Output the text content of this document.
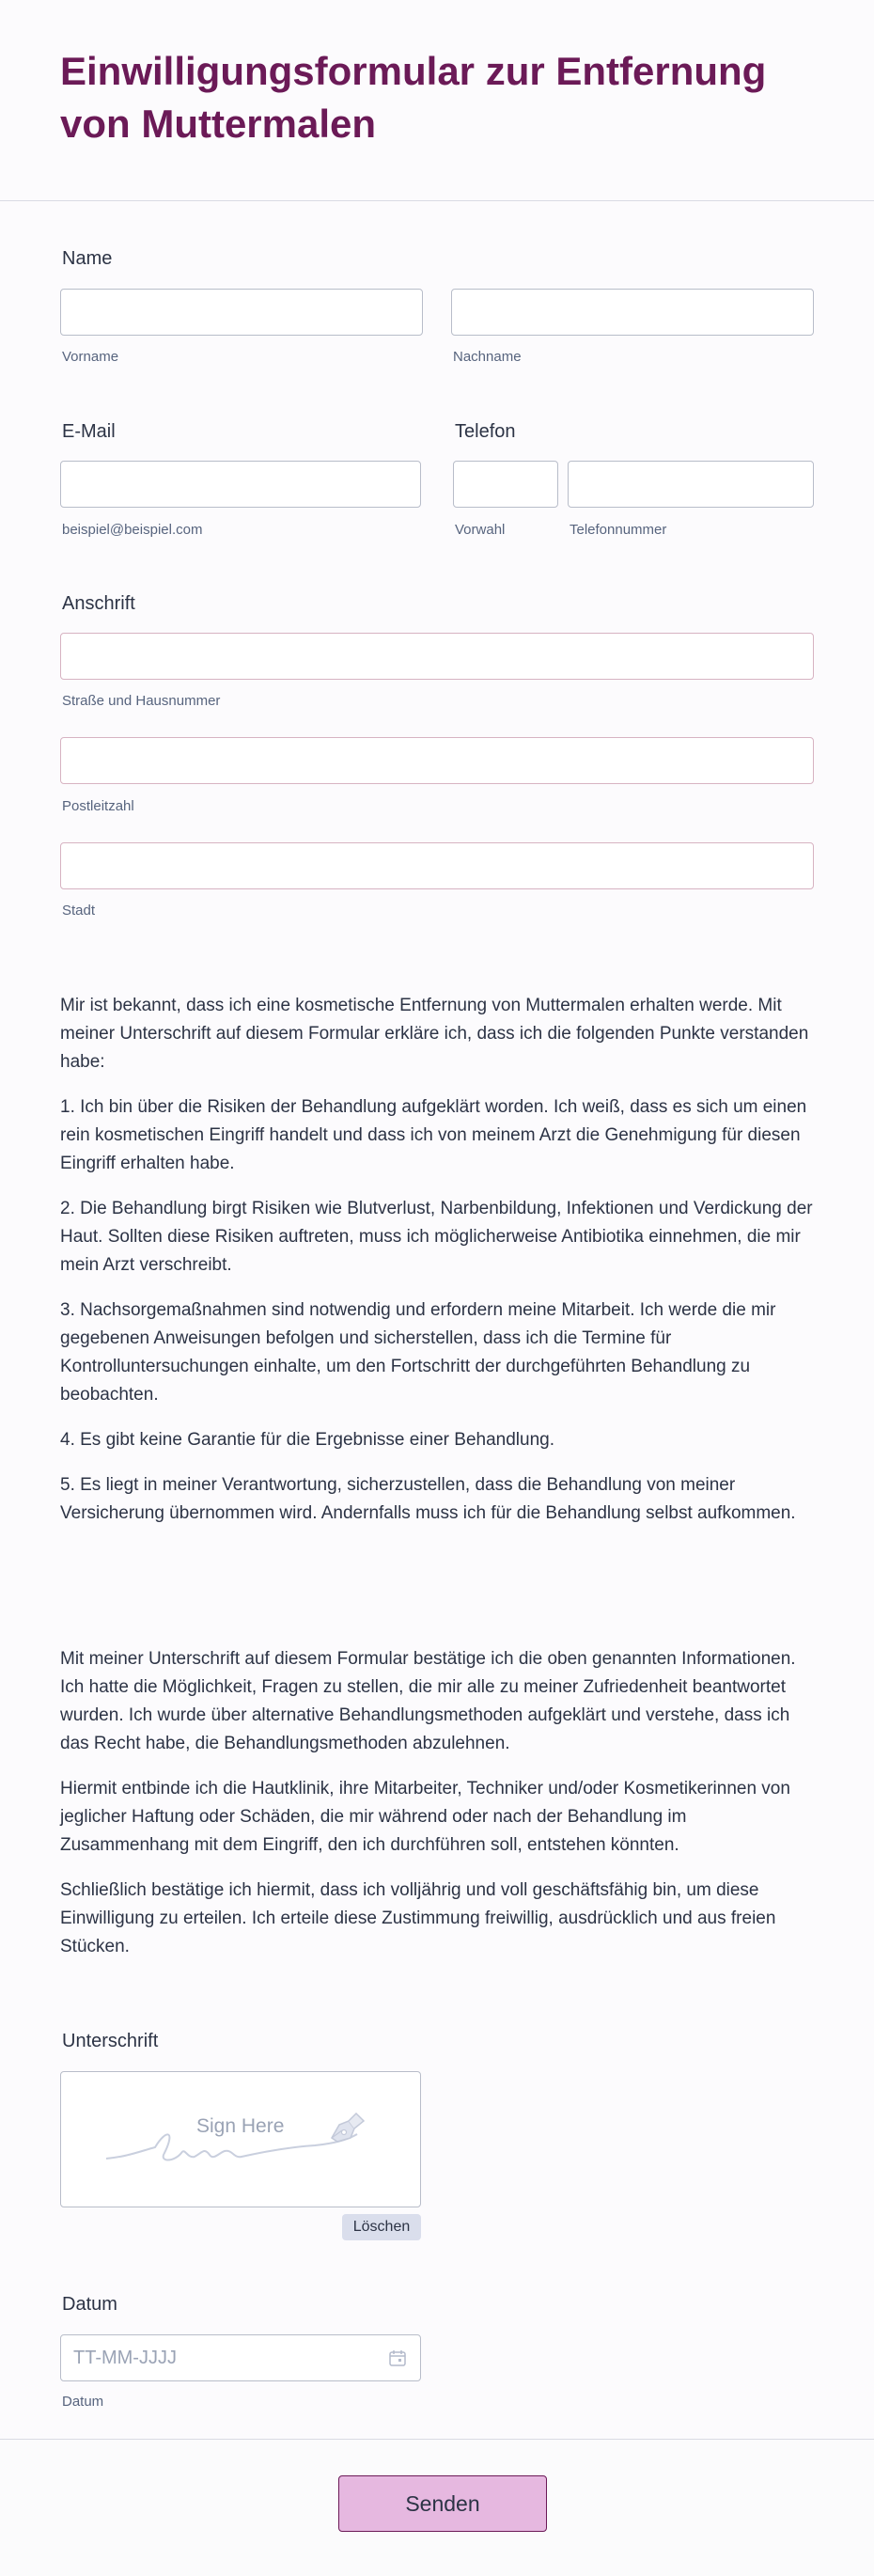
Einwilligungsformular zur Entfernung von Muttermalen
Name
Vorname	Nachname
E-Mail
beispiel@beispiel.com
Telefon
Vorwahl	Telefonnummer
Anschrift
Straße und Hausnummer
Postleitzahl
Stadt

Mir ist bekannt, dass ich eine kosmetische Entfernung von Muttermalen erhalten werde. Mit meiner Unterschrift auf diesem Formular erkläre ich, dass ich die folgenden Punkte verstanden habe:

1. Ich bin über die Risiken der Behandlung aufgeklärt worden. Ich weiß, dass es sich um einen rein kosmetischen Eingriff handelt und dass ich von meinem Arzt die Genehmigung für diesen Eingriff erhalten habe.

2. Die Behandlung birgt Risiken wie Blutverlust, Narbenbildung, Infektionen und Verdickung der Haut. Sollten diese Risiken auftreten, muss ich möglicherweise Antibiotika einnehmen, die mir mein Arzt verschreibt.

3. Nachsorgemaßnahmen sind notwendig und erfordern meine Mitarbeit. Ich werde die mir gegebenen Anweisungen befolgen und sicherstellen, dass ich die Termine für Kontrolluntersuchungen einhalte, um den Fortschritt der durchgeführten Behandlung zu beobachten.

4. Es gibt keine Garantie für die Ergebnisse einer Behandlung.

5. Es liegt in meiner Verantwortung, sicherzustellen, dass die Behandlung von meiner Versicherung übernommen wird. Andernfalls muss ich für die Behandlung selbst aufkommen.

Mit meiner Unterschrift auf diesem Formular bestätige ich die oben genannten Informationen. Ich hatte die Möglichkeit, Fragen zu stellen, die mir alle zu meiner Zufriedenheit beantwortet wurden. Ich wurde über alternative Behandlungsmethoden aufgeklärt und verstehe, dass ich das Recht habe, die Behandlungsmethoden abzulehnen.

Hiermit entbinde ich die Hautklinik, ihre Mitarbeiter, Techniker und/oder Kosmetikerinnen von jeglicher Haftung oder Schäden, die mir während oder nach der Behandlung im Zusammenhang mit dem Eingriff, den ich durchführen soll, entstehen könnten.

Schließlich bestätige ich hiermit, dass ich volljährig und voll geschäftsfähig bin, um diese Einwilligung zu erteilen. Ich erteile diese Zustimmung freiwillig, ausdrücklich und aus freien Stücken.

Unterschrift
Sign Here
Löschen
Datum
TT-MM-JJJJ
Datum
Senden
